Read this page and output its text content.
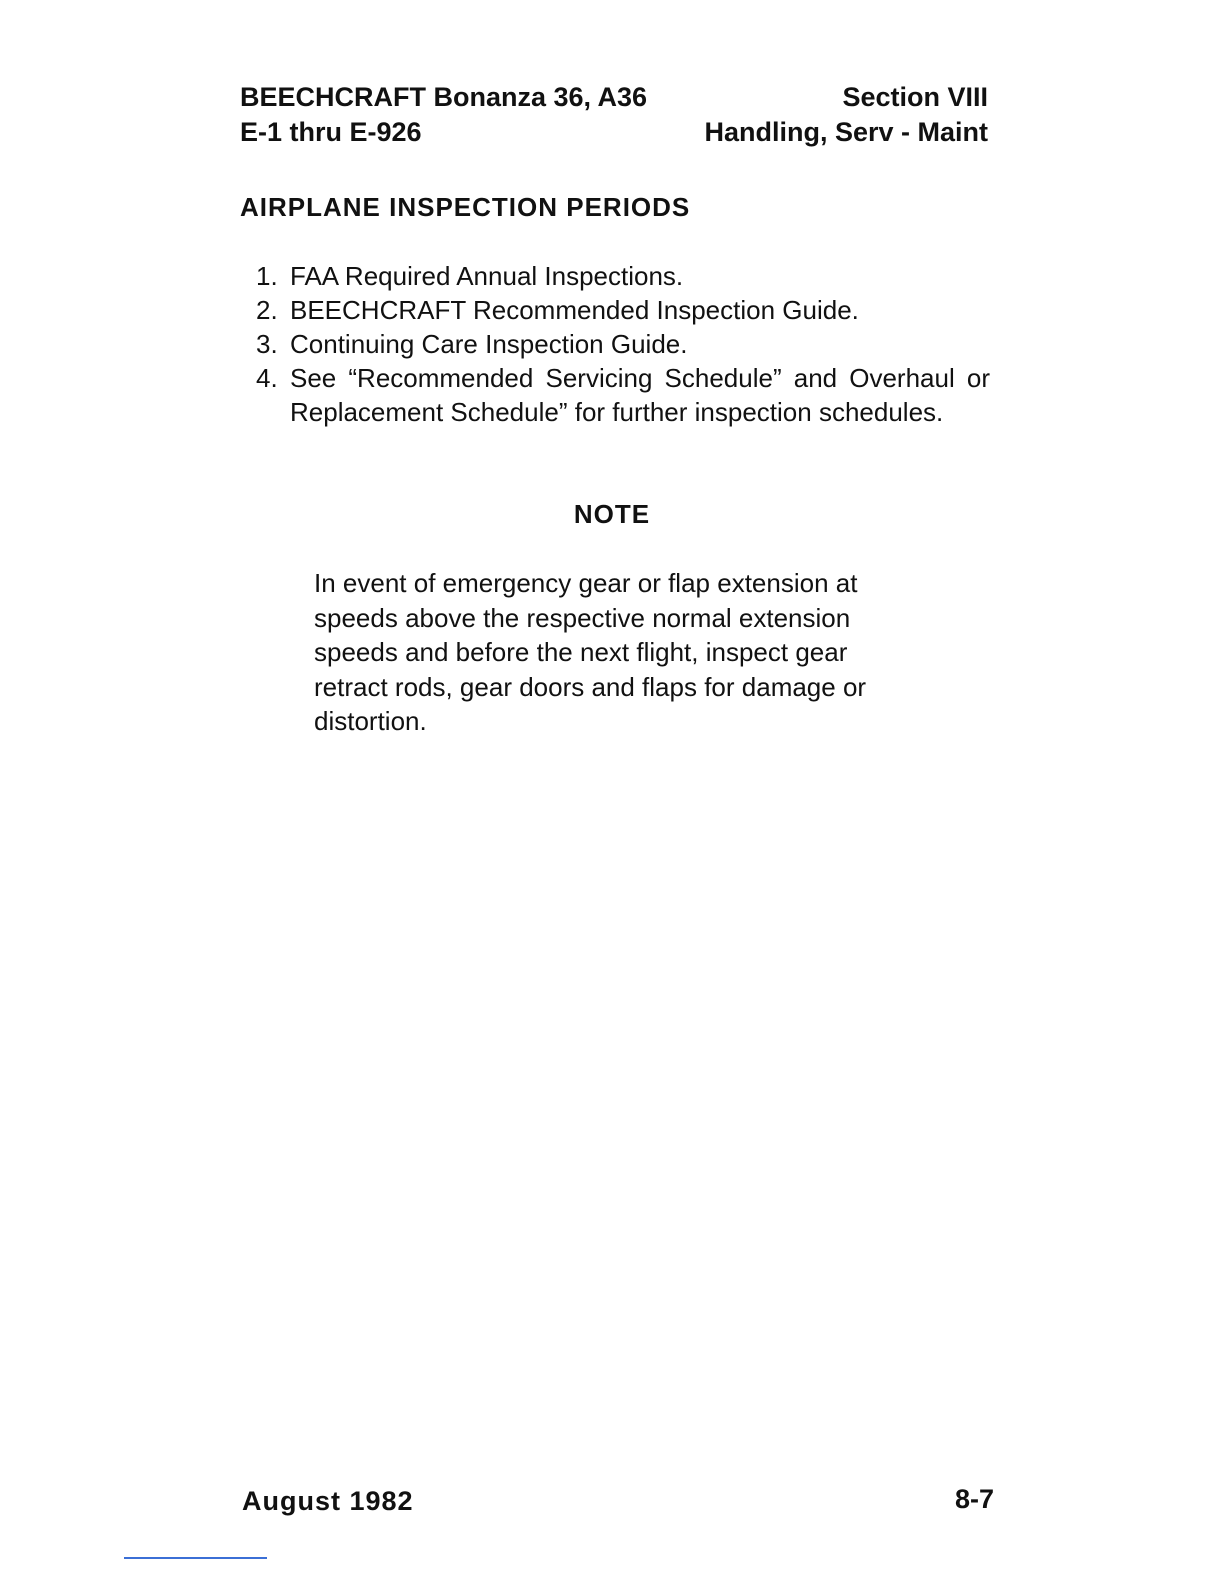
BEECHCRAFT Bonanza 36, A36
E-1 thru E-926
Section VIII
Handling, Serv - Maint
AIRPLANE INSPECTION PERIODS
1. FAA Required Annual Inspections.
2. BEECHCRAFT Recommended Inspection Guide.
3. Continuing Care Inspection Guide.
4. See “Recommended Servicing Schedule” and Overhaul or Replacement Schedule” for further inspection schedules.
NOTE

In event of emergency gear or flap extension at speeds above the respective normal extension speeds and before the next flight, inspect gear retract rods, gear doors and flaps for damage or distortion.

August 1982	8-7
